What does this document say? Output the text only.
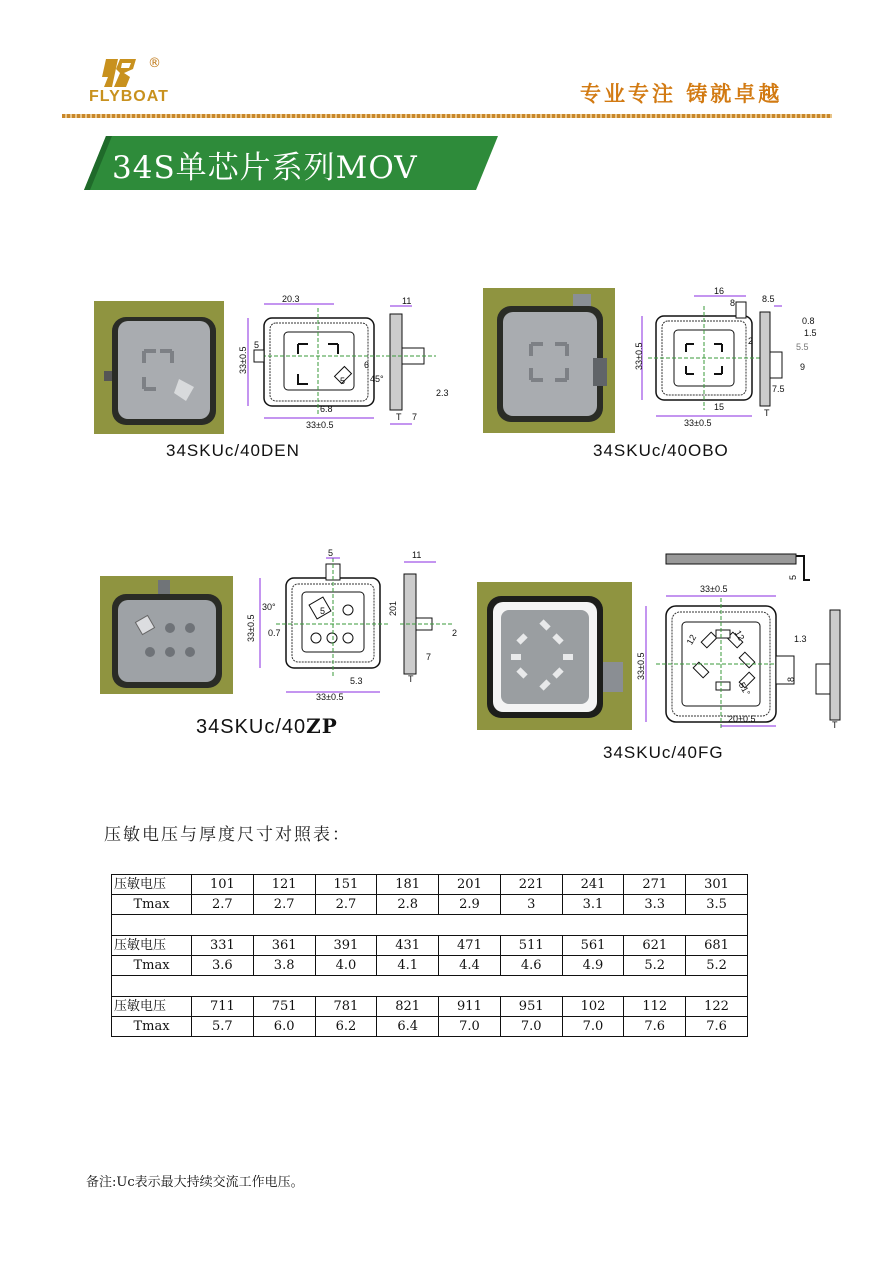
®
FLYBOAT	专业专注 铸就卓越
34S单芯片系列MOV
20.3
33±0.5
5
6.8
33±0.5
5
6
45°
11
2.3
T 7
34SKUc/40DEN
16
8	8.5
0.8
1.5
33±0.5
2
5.5
9
7.5
15
33±0.5
T
34SKUc/40OBO
5	11
33±0.5
30°
0.7
5	201
2
7
5.3
33±0.5
T
34SKUc/40ZP
33±0.5
5
33±0.5
12	12	1.3
51°
8
20±0.5
T
34SKUc/40FG
压敏电压与厚度尺寸对照表：
压敏电压	101	121	151	181	201	221	241	271	301
Tmax	2.7	2.7	2.7	2.8	2.9	3	3.1	3.3	3.5

压敏电压	331	361	391	431	471	511	561	621	681
Tmax	3.6	3.8	4.0	4.1	4.4	4.6	4.9	5.2	5.2

压敏电压	711	751	781	821	911	951	102	112	122
Tmax	5.7	6.0	6.2	6.4	7.0	7.0	7.0	7.6	7.6
备注:Uc表示最大持续交流工作电压。
